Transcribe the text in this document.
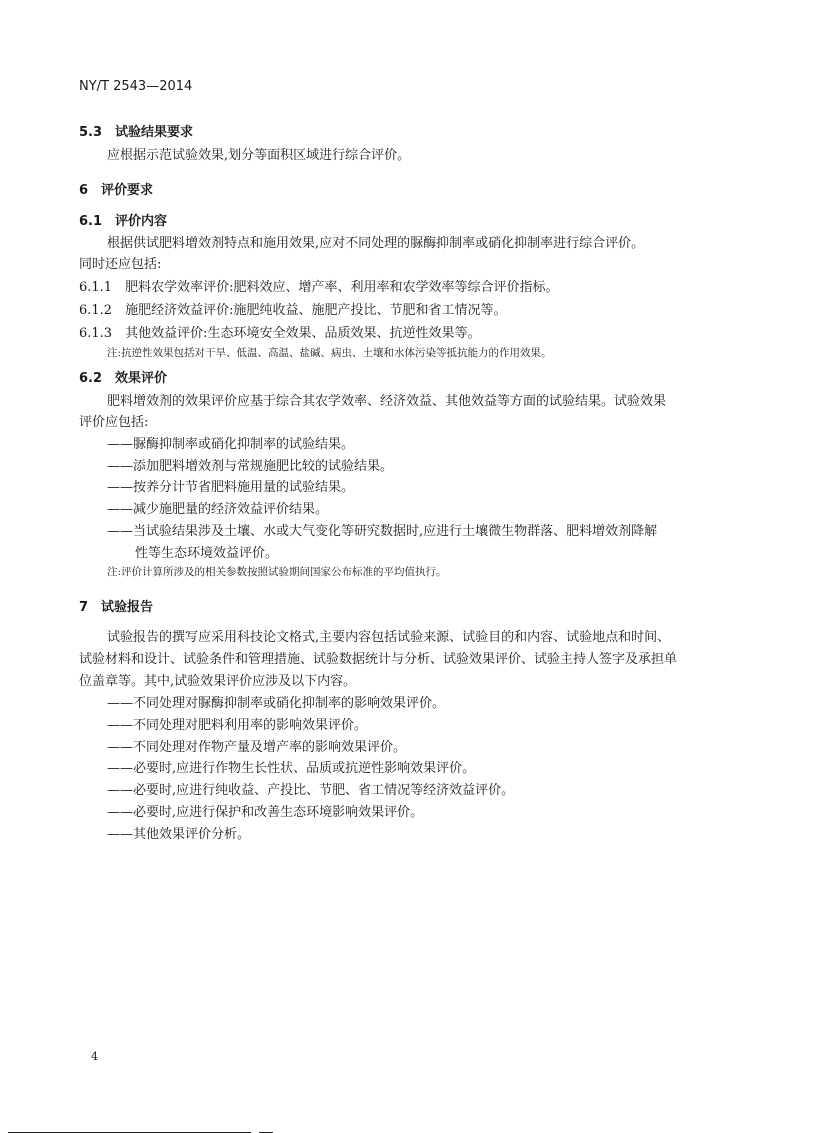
NY/T 2543—2014
5.3　试验结果要求
应根据示范试验效果,划分等面积区域进行综合评价。
6　评价要求
6.1　评价内容
根据供试肥料增效剂特点和施用效果,应对不同处理的脲酶抑制率或硝化抑制率进行综合评价。
同时还应包括:
6.1.1　肥料农学效率评价:肥料效应、增产率、利用率和农学效率等综合评价指标。
6.1.2　施肥经济效益评价:施肥纯收益、施肥产投比、节肥和省工情况等。
6.1.3　其他效益评价:生态环境安全效果、品质效果、抗逆性效果等。
注:抗逆性效果包括对干旱、低温、高温、盐碱、病虫、土壤和水体污染等抵抗能力的作用效果。
6.2　效果评价
肥料增效剂的效果评价应基于综合其农学效率、经济效益、其他效益等方面的试验结果。试验效果
评价应包括:
——脲酶抑制率或硝化抑制率的试验结果。
——添加肥料增效剂与常规施肥比较的试验结果。
——按养分计节省肥料施用量的试验结果。
——减少施肥量的经济效益评价结果。
——当试验结果涉及土壤、水或大气变化等研究数据时,应进行土壤微生物群落、肥料增效剂降解
性等生态环境效益评价。
注:评价计算所涉及的相关参数按照试验期间国家公布标准的平均值执行。
7　试验报告
试验报告的撰写应采用科技论文格式,主要内容包括试验来源、试验目的和内容、试验地点和时间、
试验材料和设计、试验条件和管理措施、试验数据统计与分析、试验效果评价、试验主持人签字及承担单
位盖章等。其中,试验效果评价应涉及以下内容。
——不同处理对脲酶抑制率或硝化抑制率的影响效果评价。
——不同处理对肥料利用率的影响效果评价。
——不同处理对作物产量及增产率的影响效果评价。
——必要时,应进行作物生长性状、品质或抗逆性影响效果评价。
——必要时,应进行纯收益、产投比、节肥、省工情况等经济效益评价。
——必要时,应进行保护和改善生态环境影响效果评价。
——其他效果评价分析。
4
